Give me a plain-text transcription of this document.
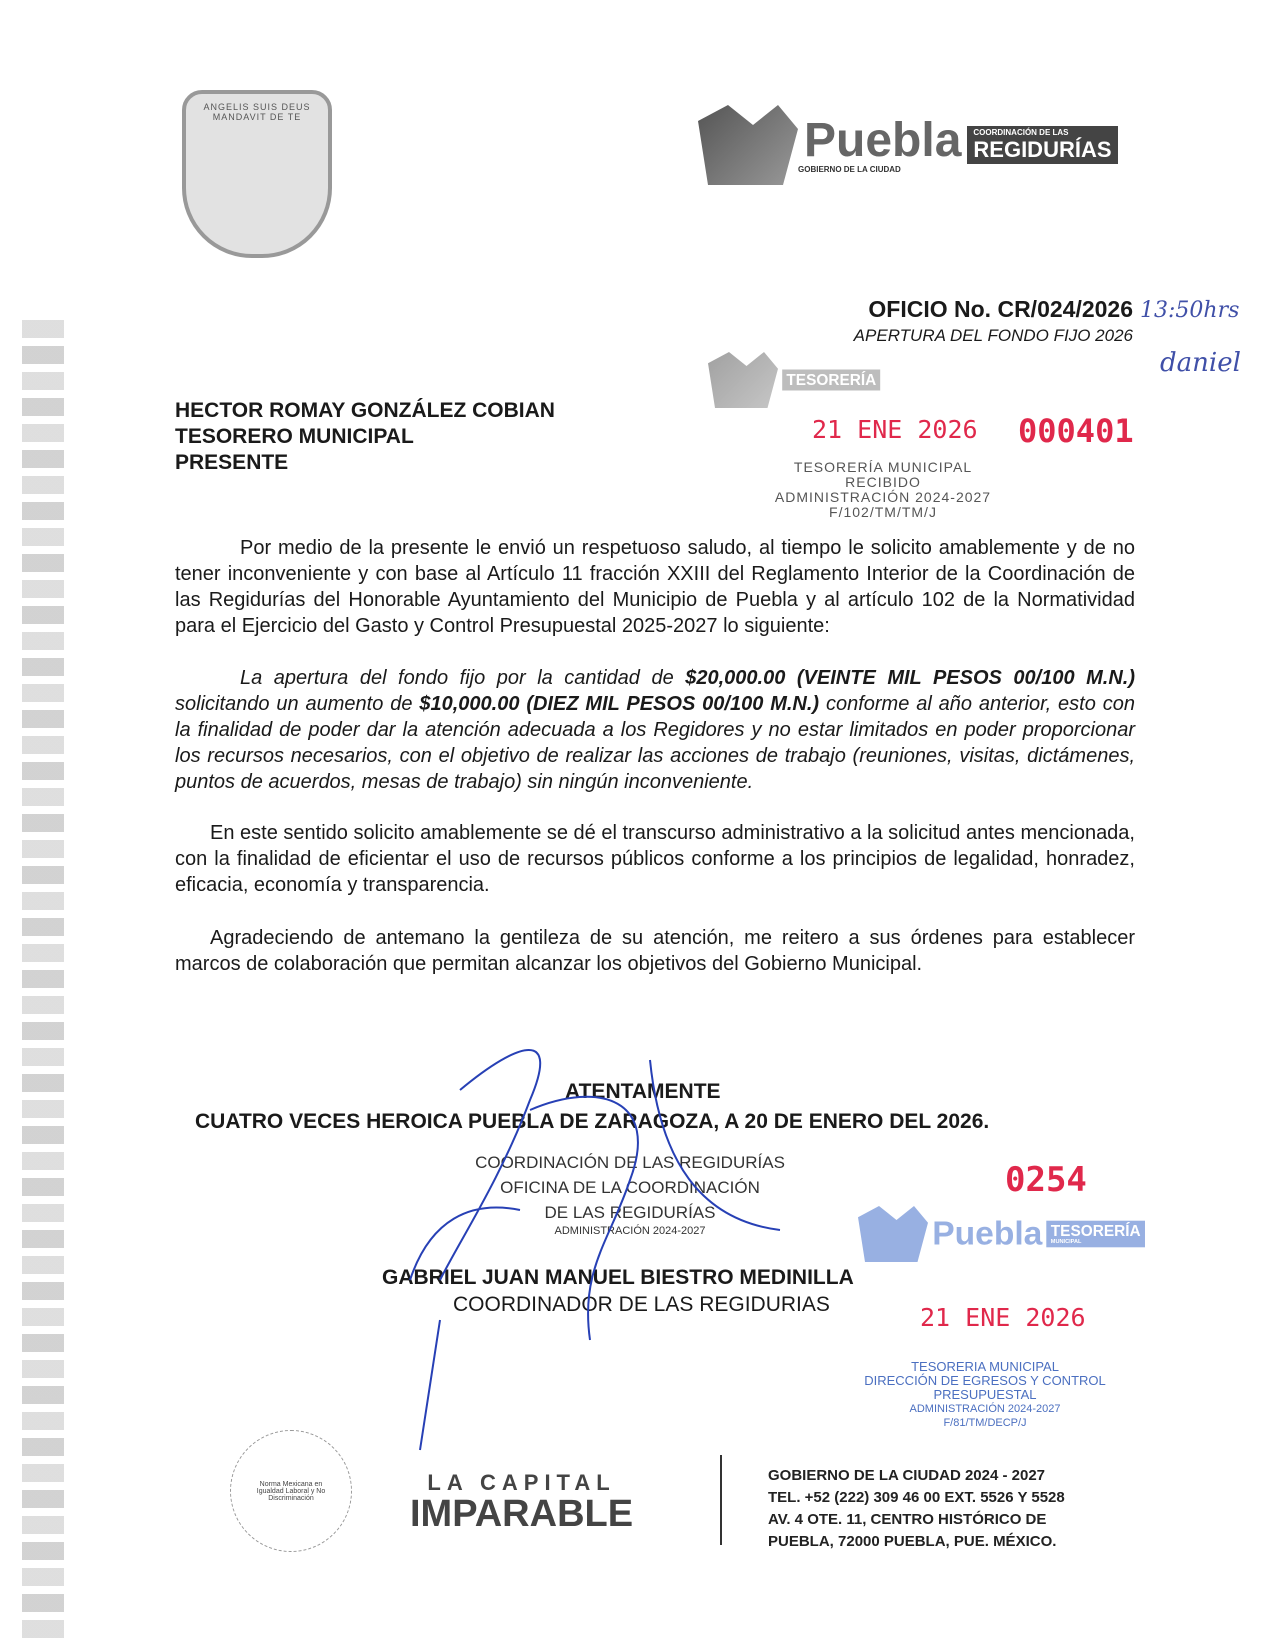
ANGELIS SUIS DEUS MANDAVIT DE TE	Puebla
GOBIERNO DE LA CIUDAD
COORDINACIÓN DE LAS
REGIDURÍAS
OFICIO No. CR/024/2026
APERTURA DEL FONDO FIJO 2026
TESORERÍA
21 ENE 2026 000401
13:50hrs
daniel
TESORERÍA MUNICIPAL
RECIBIDO
ADMINISTRACIÓN 2024-2027
F/102/TM/TM/J
HECTOR ROMAY GONZÁLEZ COBIAN
TESORERO MUNICIPAL
PRESENTE

Por medio de la presente le envió un respetuoso saludo, al tiempo le solicito amablemente y de no tener inconveniente y con base al Artículo 11 fracción XXIII del Reglamento Interior de la Coordinación de las Regidurías del Honorable Ayuntamiento del Municipio de Puebla y al artículo 102 de la Normatividad para el Ejercicio del Gasto y Control Presupuestal 2025-2027 lo siguiente:

La apertura del fondo fijo por la cantidad de $20,000.00 (VEINTE MIL PESOS 00/100 M.N.) solicitando un aumento de $10,000.00 (DIEZ MIL PESOS 00/100 M.N.) conforme al año anterior, esto con la finalidad de poder dar la atención adecuada a los Regidores y no estar limitados en poder proporcionar los recursos necesarios, con el objetivo de realizar las acciones de trabajo (reuniones, visitas, dictámenes, puntos de acuerdos, mesas de trabajo) sin ningún inconveniente.

En este sentido solicito amablemente se dé el transcurso administrativo a la solicitud antes mencionada, con la finalidad de eficientar el uso de recursos públicos conforme a los principios de legalidad, honradez, eficacia, economía y transparencia.

Agradeciendo de antemano la gentileza de su atención, me reitero a sus órdenes para establecer marcos de colaboración que permitan alcanzar los objetivos del Gobierno Municipal.

ATENTAMENTE
CUATRO VECES HEROICA PUEBLA DE ZARAGOZA, A 20 DE ENERO DEL 2026.
COORDINACIÓN DE LAS REGIDURÍAS
OFICINA DE LA COORDINACIÓN
DE LAS REGIDURÍAS
ADMINISTRACIÓN 2024-2027
GABRIEL JUAN MANUEL BIESTRO MEDINILLA
COORDINADOR DE LAS REGIDURIAS
0254
Puebla TESORERÍA
MUNICIPAL
21 ENE 2026
TESORERIA MUNICIPAL
DIRECCIÓN DE EGRESOS Y CONTROL
PRESUPUESTAL
ADMINISTRACIÓN 2024-2027
F/81/TM/DECP/J
Norma Mexicana en Igualdad Laboral y No Discriminación
LA CAPITAL
IMPARABLE
GOBIERNO DE LA CIUDAD 2024 - 2027
TEL. +52 (222) 309 46 00 EXT. 5526 Y 5528
AV. 4 OTE. 11, CENTRO HISTÓRICO DE
PUEBLA, 72000 PUEBLA, PUE. MÉXICO.
